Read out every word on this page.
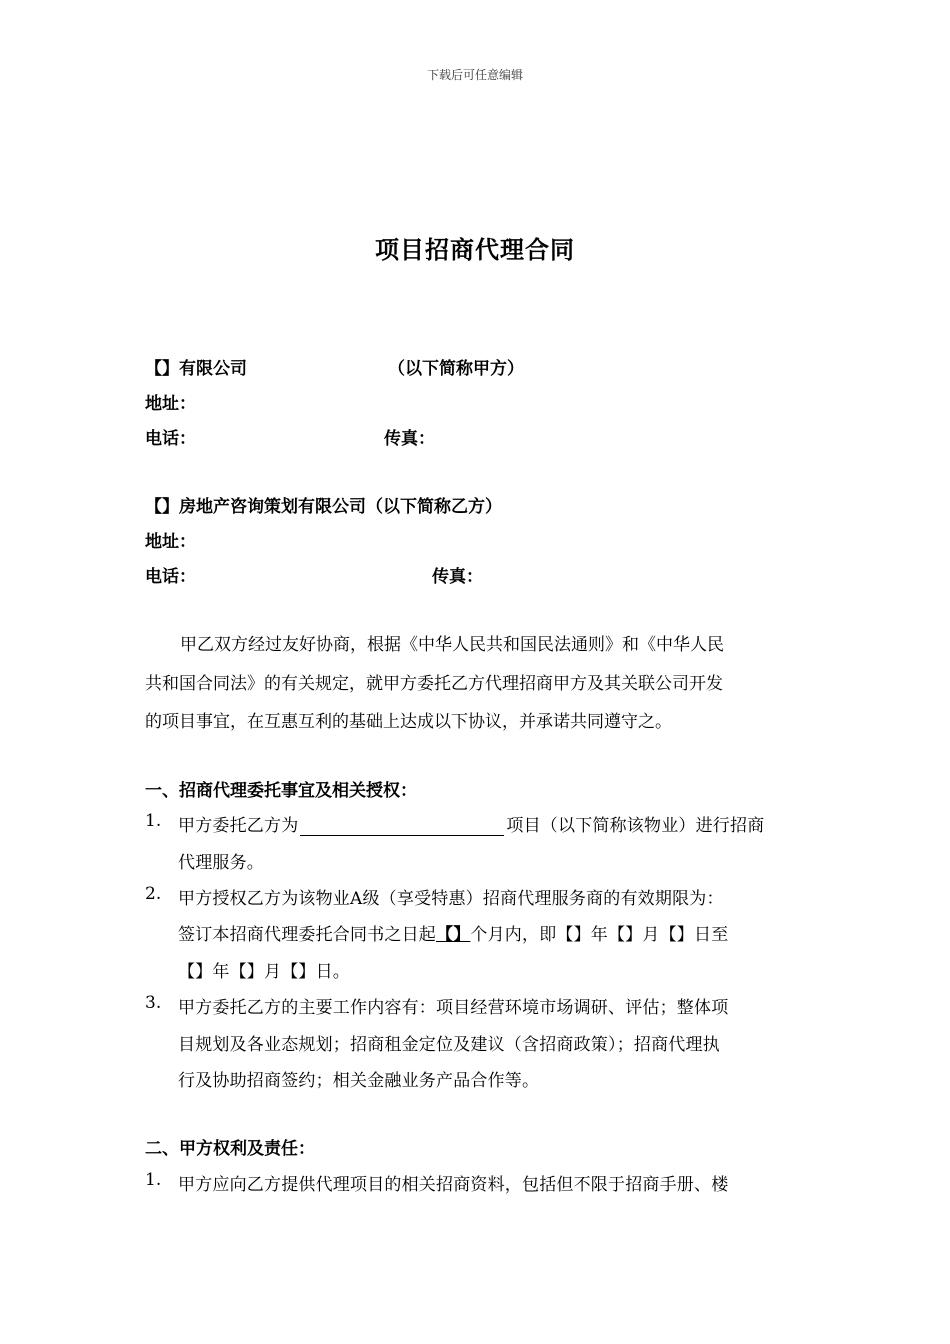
下载后可任意编辑
项目招商代理合同
【】有限公司	（以下简称甲方）
地址：
电话：	传真：
【】房地产咨询策划有限公司（以下简称乙方）
地址：
电话：	传真：
甲乙双方经过友好协商，根据《中华人民共和国民法通则》和《中华人民
共和国合同法》的有关规定，就甲方委托乙方代理招商甲方及其关联公司开发
的项目事宜，在互惠互利的基础上达成以下协议，并承诺共同遵守之。
一、招商代理委托事宜及相关授权：
1. 甲方委托乙方为	项目（以下简称该物业）进行招商
代理服务。
2. 甲方授权乙方为该物业A级（享受特惠）招商代理服务商的有效期限为：
签订本招商代理委托合同书之日起【】个月内，即【】年【】月【】日至
【】年【】月【】日。
3. 甲方委托乙方的主要工作内容有：项目经营环境市场调研、评估；整体项
目规划及各业态规划；招商租金定位及建议（含招商政策）；招商代理执
行及协助招商签约；相关金融业务产品合作等。
二、甲方权利及责任：
1. 甲方应向乙方提供代理项目的相关招商资料，包括但不限于招商手册、楼
